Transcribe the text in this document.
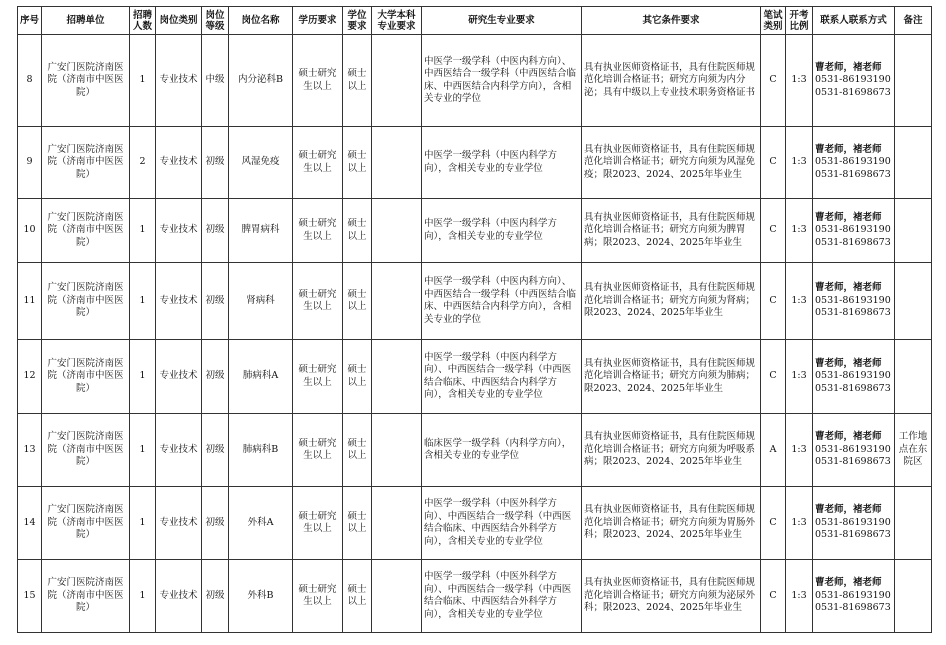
序号	招聘单位	招聘人数	岗位类别	岗位等级	岗位名称	学历要求	学位要求	大学本科专业要求	研究生专业要求	其它条件要求	笔试类别	开考比例	联系人联系方式	备注
8	广安门医院济南医院（济南市中医医院）	1	专业技术	中级	内分泌科B	硕士研究生以上	硕士以上		中医学一级学科（中医内科方向）、中西医结合一级学科（中西医结合临床、中西医结合内科学方向），含相关专业的学位	具有执业医师资格证书，具有住院医师规范化培训合格证书；研究方向须为内分泌；具有中级以上专业技术职务资格证书	C	1:3	曹老师，褚老师
0531-86193190
0531-81698673	

9	广安门医院济南医院（济南市中医医院）	2	专业技术	初级	风湿免疫	硕士研究生以上	硕士以上		中医学一级学科（中医内科学方向），含相关专业的专业学位	具有执业医师资格证书，具有住院医师规范化培训合格证书；研究方向须为风湿免疫；限2023、2024、2025年毕业生	C	1:3	曹老师，褚老师
0531-86193190
0531-81698673	

10	广安门医院济南医院（济南市中医医院）	1	专业技术	初级	脾胃病科	硕士研究生以上	硕士以上		中医学一级学科（中医内科学方向），含相关专业的专业学位	具有执业医师资格证书，具有住院医师规范化培训合格证书；研究方向须为脾胃病；限2023、2024、2025年毕业生	C	1:3	曹老师，褚老师
0531-86193190
0531-81698673	

11	广安门医院济南医院（济南市中医医院）	1	专业技术	初级	肾病科	硕士研究生以上	硕士以上		中医学一级学科（中医内科方向）、中西医结合一级学科（中西医结合临床、中西医结合内科学方向），含相关专业的学位	具有执业医师资格证书，具有住院医师规范化培训合格证书；研究方向须为肾病；限2023、2024、2025年毕业生	C	1:3	曹老师，褚老师
0531-86193190
0531-81698673	

12	广安门医院济南医院（济南市中医医院）	1	专业技术	初级	肺病科A	硕士研究生以上	硕士以上		中医学一级学科（中医内科学方向）、中西医结合一级学科（中西医结合临床、中西医结合内科学方向），含相关专业的专业学位	具有执业医师资格证书，具有住院医师规范化培训合格证书；研究方向须为肺病；限2023、2024、2025年毕业生	C	1:3	曹老师，褚老师
0531-86193190
0531-81698673	

13	广安门医院济南医院（济南市中医医院）	1	专业技术	初级	肺病科B	硕士研究生以上	硕士以上		临床医学一级学科（内科学方向），含相关专业的专业学位	具有执业医师资格证书，具有住院医师规范化培训合格证书；研究方向须为呼吸系病；限2023、2024、2025年毕业生	A	1:3	曹老师，褚老师
0531-86193190
0531-81698673	工作地点在东院区
14	广安门医院济南医院（济南市中医医院）	1	专业技术	初级	外科A	硕士研究生以上	硕士以上		中医学一级学科（中医外科学方向）、中西医结合一级学科（中西医结合临床、中西医结合外科学方向），含相关专业的专业学位	具有执业医师资格证书，具有住院医师规范化培训合格证书；研究方向须为胃肠外科；限2023、2024、2025年毕业生	C	1:3	曹老师，褚老师
0531-86193190
0531-81698673	

15	广安门医院济南医院（济南市中医医院）	1	专业技术	初级	外科B	硕士研究生以上	硕士以上		中医学一级学科（中医外科学方向）、中西医结合一级学科（中西医结合临床、中西医结合外科学方向），含相关专业的专业学位	具有执业医师资格证书，具有住院医师规范化培训合格证书；研究方向须为泌尿外科；限2023、2024、2025年毕业生	C	1:3	曹老师，褚老师
0531-86193190
0531-81698673	
